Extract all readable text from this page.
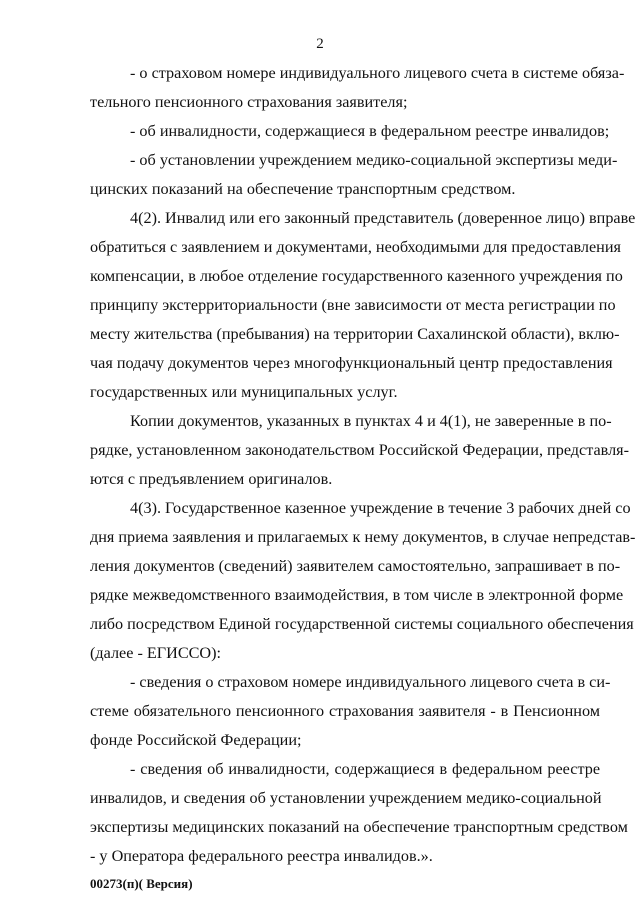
2
- о страховом номере индивидуального лицевого счета в системе обяза-
тельного пенсионного страхования заявителя;
- об инвалидности, содержащиеся в федеральном реестре инвалидов;
- об установлении учреждением медико-социальной экспертизы меди-
цинских показаний на обеспечение транспортным средством.
4(2). Инвалид или его законный представитель (доверенное лицо) вправе
обратиться с заявлением и документами, необходимыми для предоставления
компенсации, в любое отделение государственного казенного учреждения по
принципу экстерриториальности (вне зависимости от места регистрации по
месту жительства (пребывания) на территории Сахалинской области), вклю-
чая подачу документов через многофункциональный центр предоставления
государственных или муниципальных услуг.
Копии документов, указанных в пунктах 4 и 4(1), не заверенные в по-
рядке, установленном законодательством Российской Федерации, представля-
ются с предъявлением оригиналов.
4(3). Государственное казенное учреждение в течение 3 рабочих дней со
дня приема заявления и прилагаемых к нему документов, в случае непредстав-
ления документов (сведений) заявителем самостоятельно, запрашивает в по-
рядке межведомственного взаимодействия, в том числе в электронной форме
либо посредством Единой государственной системы социального обеспечения
(далее - ЕГИССО):
- сведения о страховом номере индивидуального лицевого счета в си-
стеме обязательного пенсионного страхования заявителя - в Пенсионном
фонде Российской Федерации;
- сведения об инвалидности, содержащиеся в федеральном реестре
инвалидов, и сведения об установлении учреждением медико-социальной
экспертизы медицинских показаний на обеспечение транспортным средством
- у Оператора федерального реестра инвалидов.».
00273(п)( Версия)
